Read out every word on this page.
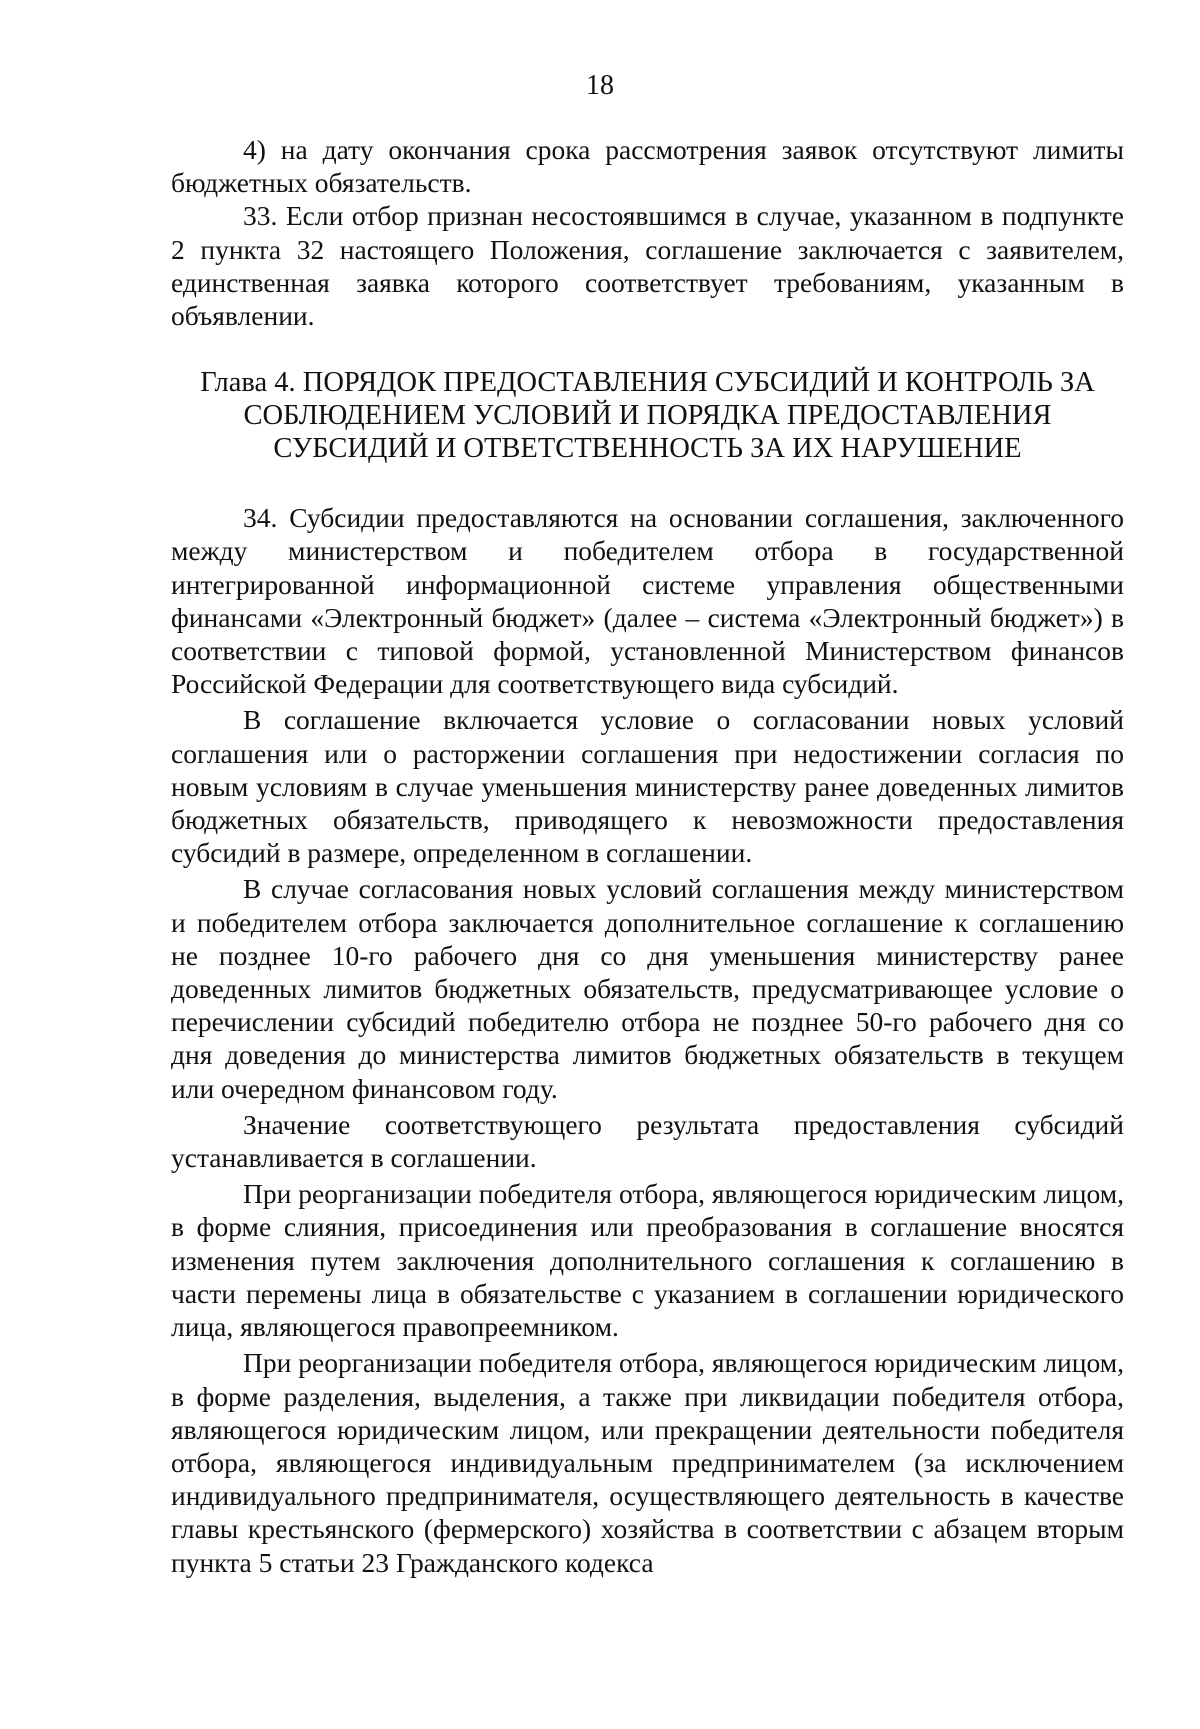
18

4) на дату окончания срока рассмотрения заявок отсутствуют лимиты бюджетных обязательств.

33. Если отбор признан несостоявшимся в случае, указанном в подпункте 2 пункта 32 настоящего Положения, соглашение заключается с заявителем, единственная заявка которого соответствует требованиям, указанным в объявлении.

Глава 4. ПОРЯДОК ПРЕДОСТАВЛЕНИЯ СУБСИДИЙ И КОНТРОЛЬ ЗА
СОБЛЮДЕНИЕМ УСЛОВИЙ И ПОРЯДКА ПРЕДОСТАВЛЕНИЯ
СУБСИДИЙ И ОТВЕТСТВЕННОСТЬ ЗА ИХ НАРУШЕНИЕ

34. Субсидии предоставляются на основании соглашения, заключенного между министерством и победителем отбора в государственной интегрированной информационной системе управления общественными финансами «Электронный бюджет» (далее – система «Электронный бюджет») в соответствии с типовой формой, установленной Министерством финансов Российской Федерации для соответствующего вида субсидий.

В соглашение включается условие о согласовании новых условий соглашения или о расторжении соглашения при недостижении согласия по новым условиям в случае уменьшения министерству ранее доведенных лимитов бюджетных обязательств, приводящего к невозможности предоставления субсидий в размере, определенном в соглашении.

В случае согласования новых условий соглашения между министерством и победителем отбора заключается дополнительное соглашение к соглашению не позднее 10-го рабочего дня со дня уменьшения министерству ранее доведенных лимитов бюджетных обязательств, предусматривающее условие о перечислении субсидий победителю отбора не позднее 50-го рабочего дня со дня доведения до министерства лимитов бюджетных обязательств в текущем или очередном финансовом году.

Значение соответствующего результата предоставления субсидий устанавливается в соглашении.

При реорганизации победителя отбора, являющегося юридическим лицом, в форме слияния, присоединения или преобразования в соглашение вносятся изменения путем заключения дополнительного соглашения к соглашению в части перемены лица в обязательстве с указанием в соглашении юридического лица, являющегося правопреемником.

При реорганизации победителя отбора, являющегося юридическим лицом, в форме разделения, выделения, а также при ликвидации победителя отбора, являющегося юридическим лицом, или прекращении деятельности победителя отбора, являющегося индивидуальным предпринимателем (за исключением индивидуального предпринимателя, осуществляющего деятельность в качестве главы крестьянского (фермерского) хозяйства в соответствии с абзацем вторым пункта 5 статьи 23 Гражданского кодекса
